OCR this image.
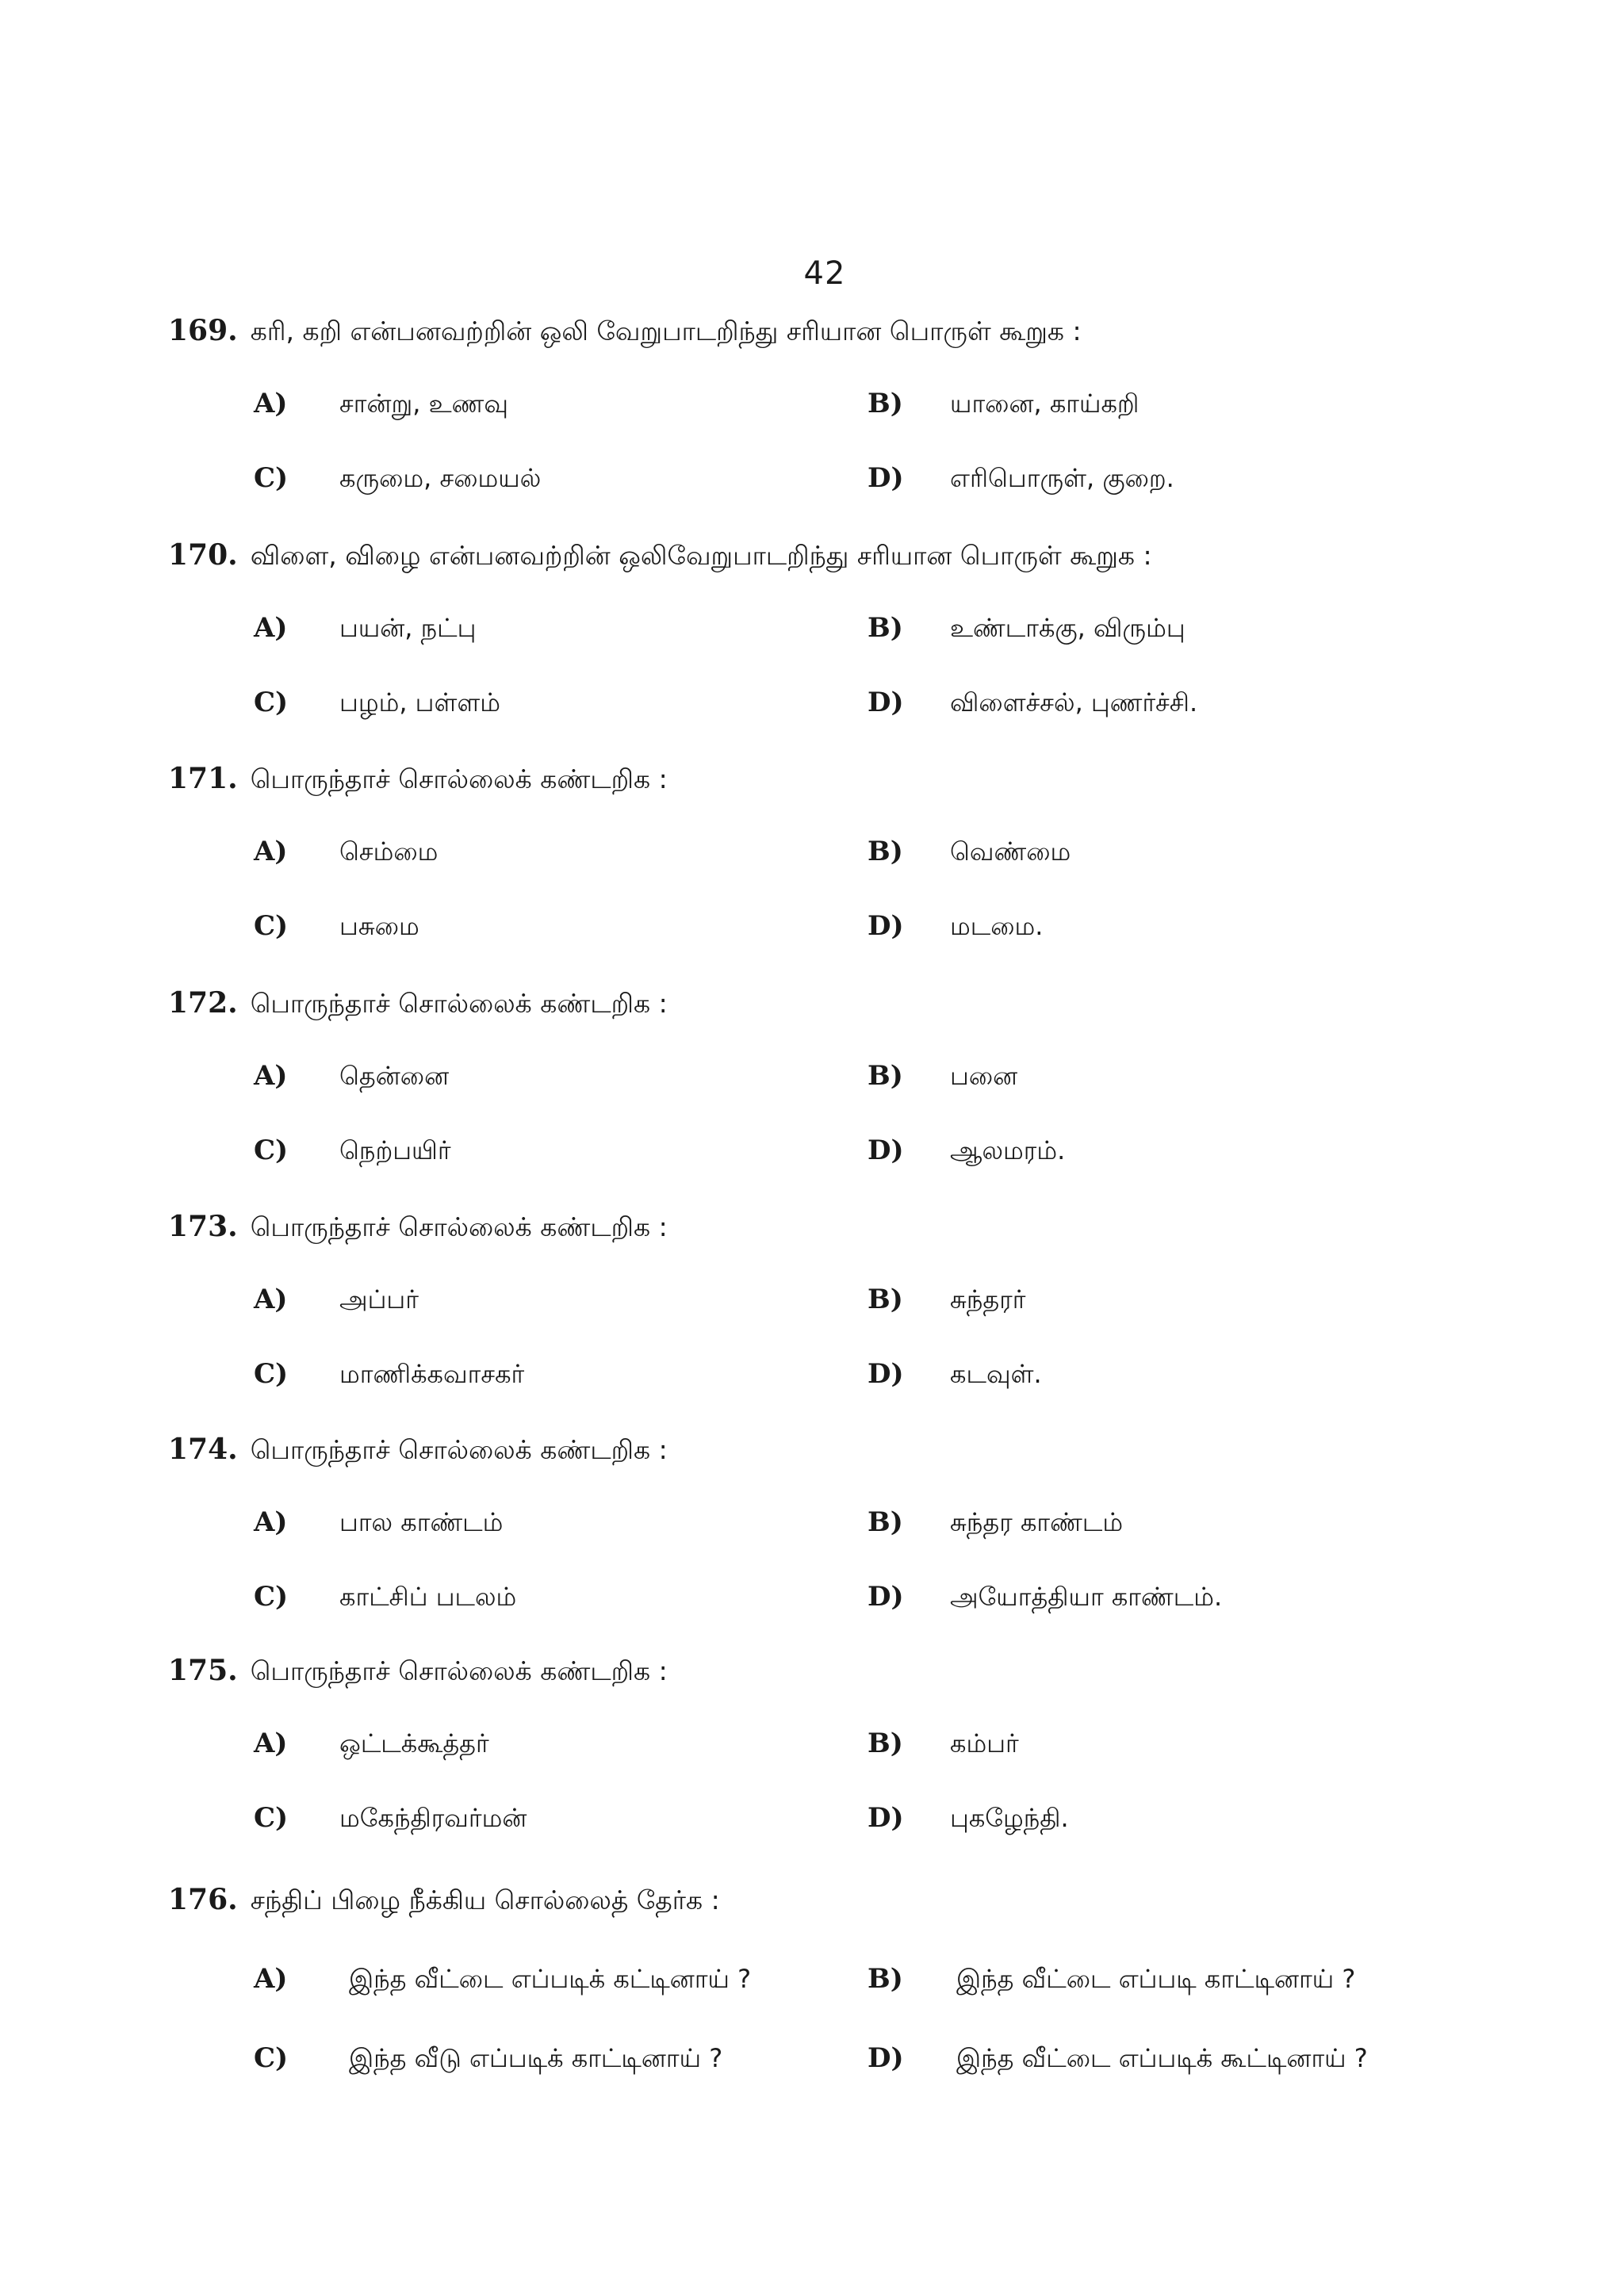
42
169. கரி, கறி என்பனவற்றின் ஒலி வேறுபாடறிந்து சரியான பொருள் கூறுக :
A) சான்று, உணவு	B) யானை, காய்கறி
C) கருமை, சமையல்	D) எரிபொருள், குறை.
170. விளை, விழை என்பனவற்றின் ஒலிவேறுபாடறிந்து சரியான பொருள் கூறுக :
A) பயன், நட்பு	B) உண்டாக்கு, விரும்பு
C) பழம், பள்ளம்	D) விளைச்சல், புணர்ச்சி.
171. பொருந்தாச் சொல்லைக் கண்டறிக :
A) செம்மை	B) வெண்மை
C) பசுமை	D) மடமை.
172. பொருந்தாச் சொல்லைக் கண்டறிக :
A) தென்னை	B) பனை
C) நெற்பயிர்	D) ஆலமரம்.
173. பொருந்தாச் சொல்லைக் கண்டறிக :
A) அப்பர்	B) சுந்தரர்
C) மாணிக்கவாசகர்	D) கடவுள்.
174. பொருந்தாச் சொல்லைக் கண்டறிக :
A) பால காண்டம்	B) சுந்தர காண்டம்
C) காட்சிப் படலம்	D) அயோத்தியா காண்டம்.
175. பொருந்தாச் சொல்லைக் கண்டறிக :
A) ஒட்டக்கூத்தர்	B) கம்பர்
C) மகேந்திரவர்மன்	D) புகழேந்தி.
176. சந்திப் பிழை நீக்கிய சொல்லைத் தேர்க :
A) இந்த வீட்டை எப்படிக் கட்டினாய் ?	B) இந்த வீட்டை எப்படி காட்டினாய் ?
C) இந்த வீடு எப்படிக் காட்டினாய் ?	D) இந்த வீட்டை எப்படிக் கூட்டினாய் ?
